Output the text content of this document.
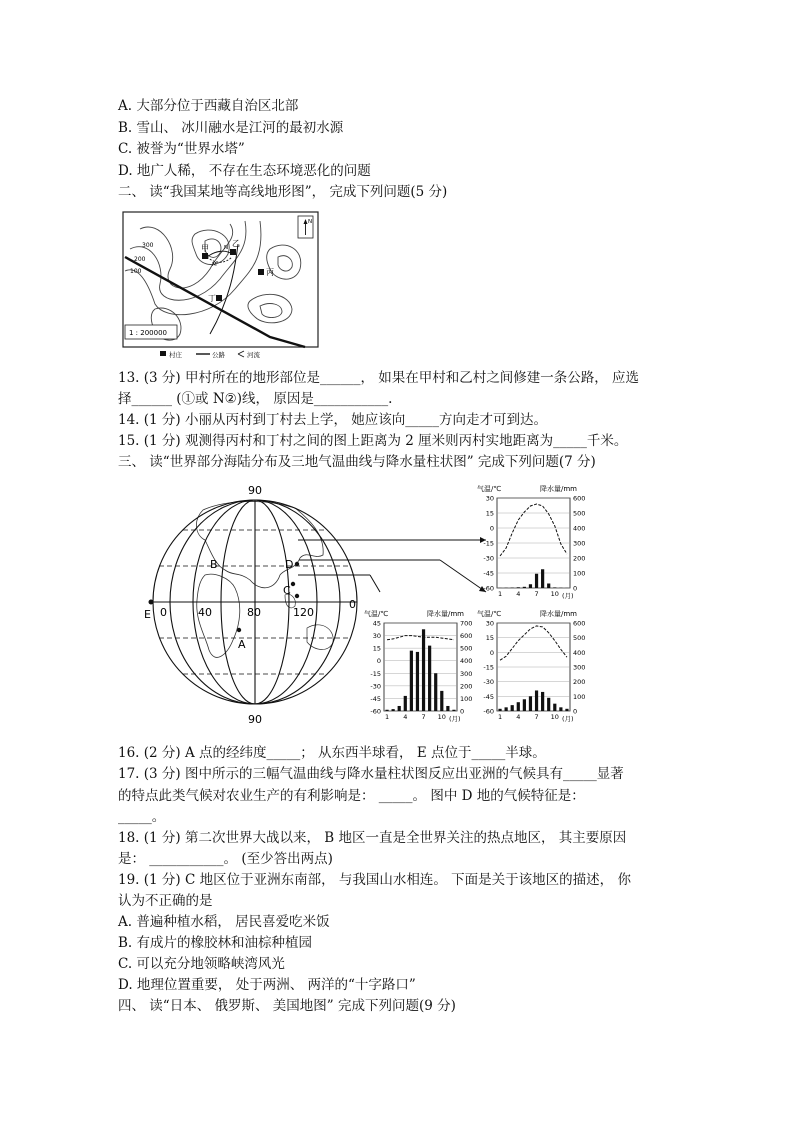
A. 大部分位于西藏自治区北部
B. 雪山、 冰川融水是江河的最初水源
C. 被誉为“世界水塔”
D. 地广人稀， 不存在生态环境恶化的问题
二、 读“我国某地等高线地形图”， 完成下列问题(5 分)
甲
乙
丙
丁
300
200
100
M
N
N
1 : 200000
村庄	公路	河流
13. (3 分) 甲村所在的地形部位是______， 如果在甲村和乙村之间修建一条公路， 应选
择______ (①或 N②)线， 原因是___________.
14. (1 分) 小丽从丙村到丁村去上学， 她应该向_____方向走才可到达。
15. (1 分) 观测得丙村和丁村之间的图上距离为 2 厘米则丙村实地距离为_____千米。
三、 读“世界部分海陆分布及三地气温曲线与降水量柱状图” 完成下列问题(7 分)
90
90
0	40	80	120
0
A
B
C
D
E
气温/℃	降水量/mm
30
15
0
-15
-30
-45
-60
600
500
400
300
200
100
0
1 4 7 10 (月)
气温/℃	降水量/mm
45
30
15
0
-15
-30
-45
-60
700
600
500
400
300
200
100
0
1 4 7 10 (月)
气温/℃	降水量/mm
30
15
0
-15
-30
-45
-60
600
500
400
300
200
100
0
1 4 7 10 (月)
16. (2 分) A 点的经纬度_____； 从东西半球看， E 点位于_____半球。
17. (3 分) 图中所示的三幅气温曲线与降水量柱状图反应出亚洲的气候具有_____显著
的特点此类气候对农业生产的有利影响是： _____。 图中 D 地的气候特征是：
_____。
18. (1 分) 第二次世界大战以来， B 地区一直是全世界关注的热点地区， 其主要原因
是： ___________。 (至少答出两点)
19. (1 分) C 地区位于亚洲东南部， 与我国山水相连。 下面是关于该地区的描述， 你
认为不正确的是
A. 普遍种植水稻， 居民喜爱吃米饭
B. 有成片的橡胶林和油棕种植园
C. 可以充分地领略峡湾风光
D. 地理位置重要， 处于两洲、 两洋的“十字路口”
四、 读“日本、 俄罗斯、 美国地图” 完成下列问题(9 分)
